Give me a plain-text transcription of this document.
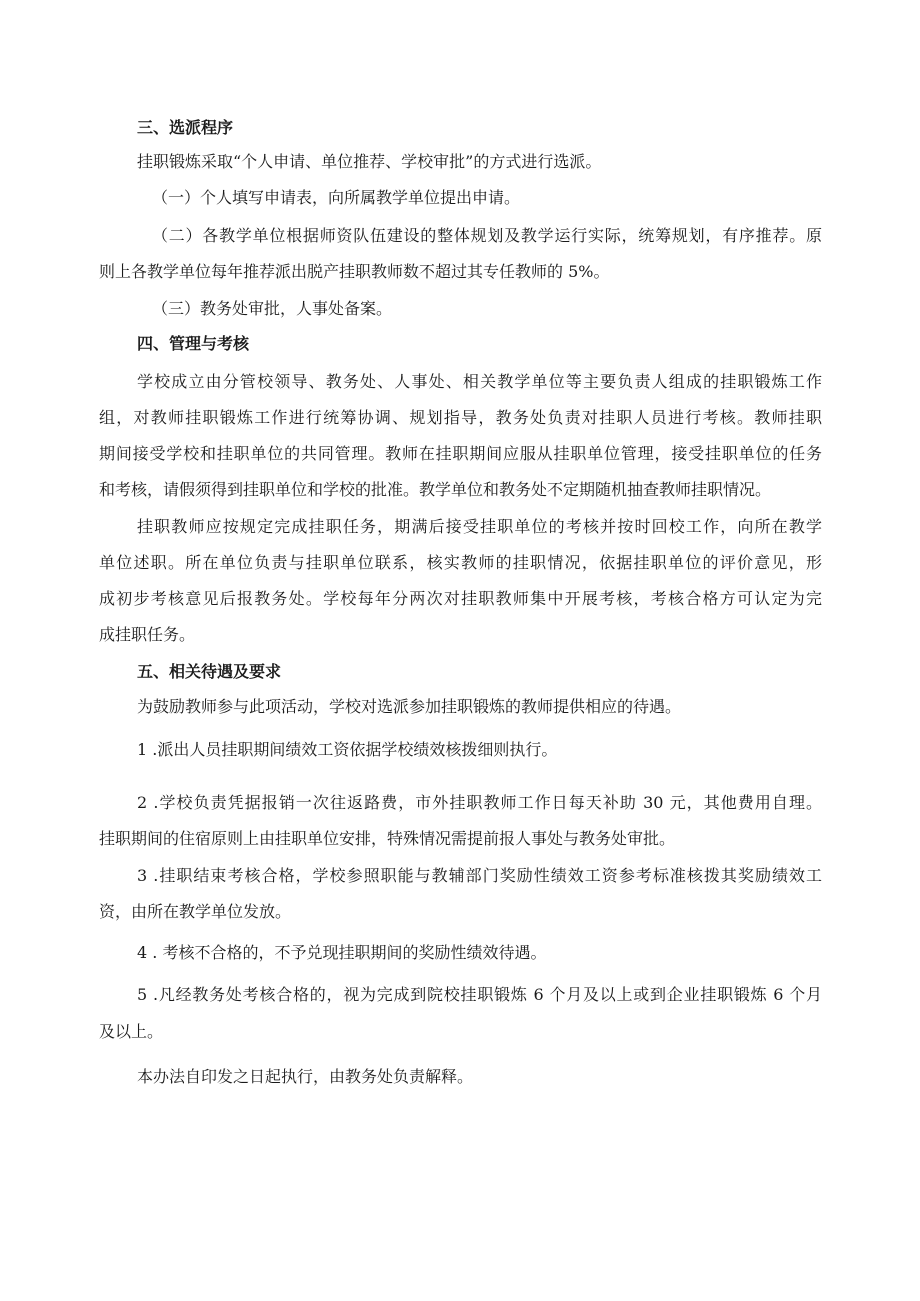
三、选派程序
挂职锻炼采取“个人申请、单位推荐、学校审批”的方式进行选派。
（一）个人填写申请表，向所属教学单位提出申请。
（二）各教学单位根据师资队伍建设的整体规划及教学运行实际，统筹规划，有序推荐。原
则上各教学单位每年推荐派出脱产挂职教师数不超过其专任教师的 5%。
（三）教务处审批，人事处备案。
四、管理与考核
学校成立由分管校领导、教务处、人事处、相关教学单位等主要负责人组成的挂职锻炼工作
组，对教师挂职锻炼工作进行统筹协调、规划指导，教务处负责对挂职人员进行考核。教师挂职
期间接受学校和挂职单位的共同管理。教师在挂职期间应服从挂职单位管理，接受挂职单位的任务
和考核，请假须得到挂职单位和学校的批准。教学单位和教务处不定期随机抽查教师挂职情况。
挂职教师应按规定完成挂职任务，期满后接受挂职单位的考核并按时回校工作，向所在教学
单位述职。所在单位负责与挂职单位联系，核实教师的挂职情况，依据挂职单位的评价意见，形
成初步考核意见后报教务处。学校每年分两次对挂职教师集中开展考核，考核合格方可认定为完
成挂职任务。
五、相关待遇及要求
为鼓励教师参与此项活动，学校对选派参加挂职锻炼的教师提供相应的待遇。
1 .派出人员挂职期间绩效工资依据学校绩效核拨细则执行。
2 .学校负责凭据报销一次往返路费，市外挂职教师工作日每天补助 30 元，其他费用自理。
挂职期间的住宿原则上由挂职单位安排，特殊情况需提前报人事处与教务处审批。
3 .挂职结束考核合格，学校参照职能与教辅部门奖励性绩效工资参考标准核拨其奖励绩效工
资，由所在教学单位发放。
4 . 考核不合格的，不予兑现挂职期间的奖励性绩效待遇。
5 .凡经教务处考核合格的，视为完成到院校挂职锻炼 6 个月及以上或到企业挂职锻炼 6 个月
及以上。
本办法自印发之日起执行，由教务处负责解释。
